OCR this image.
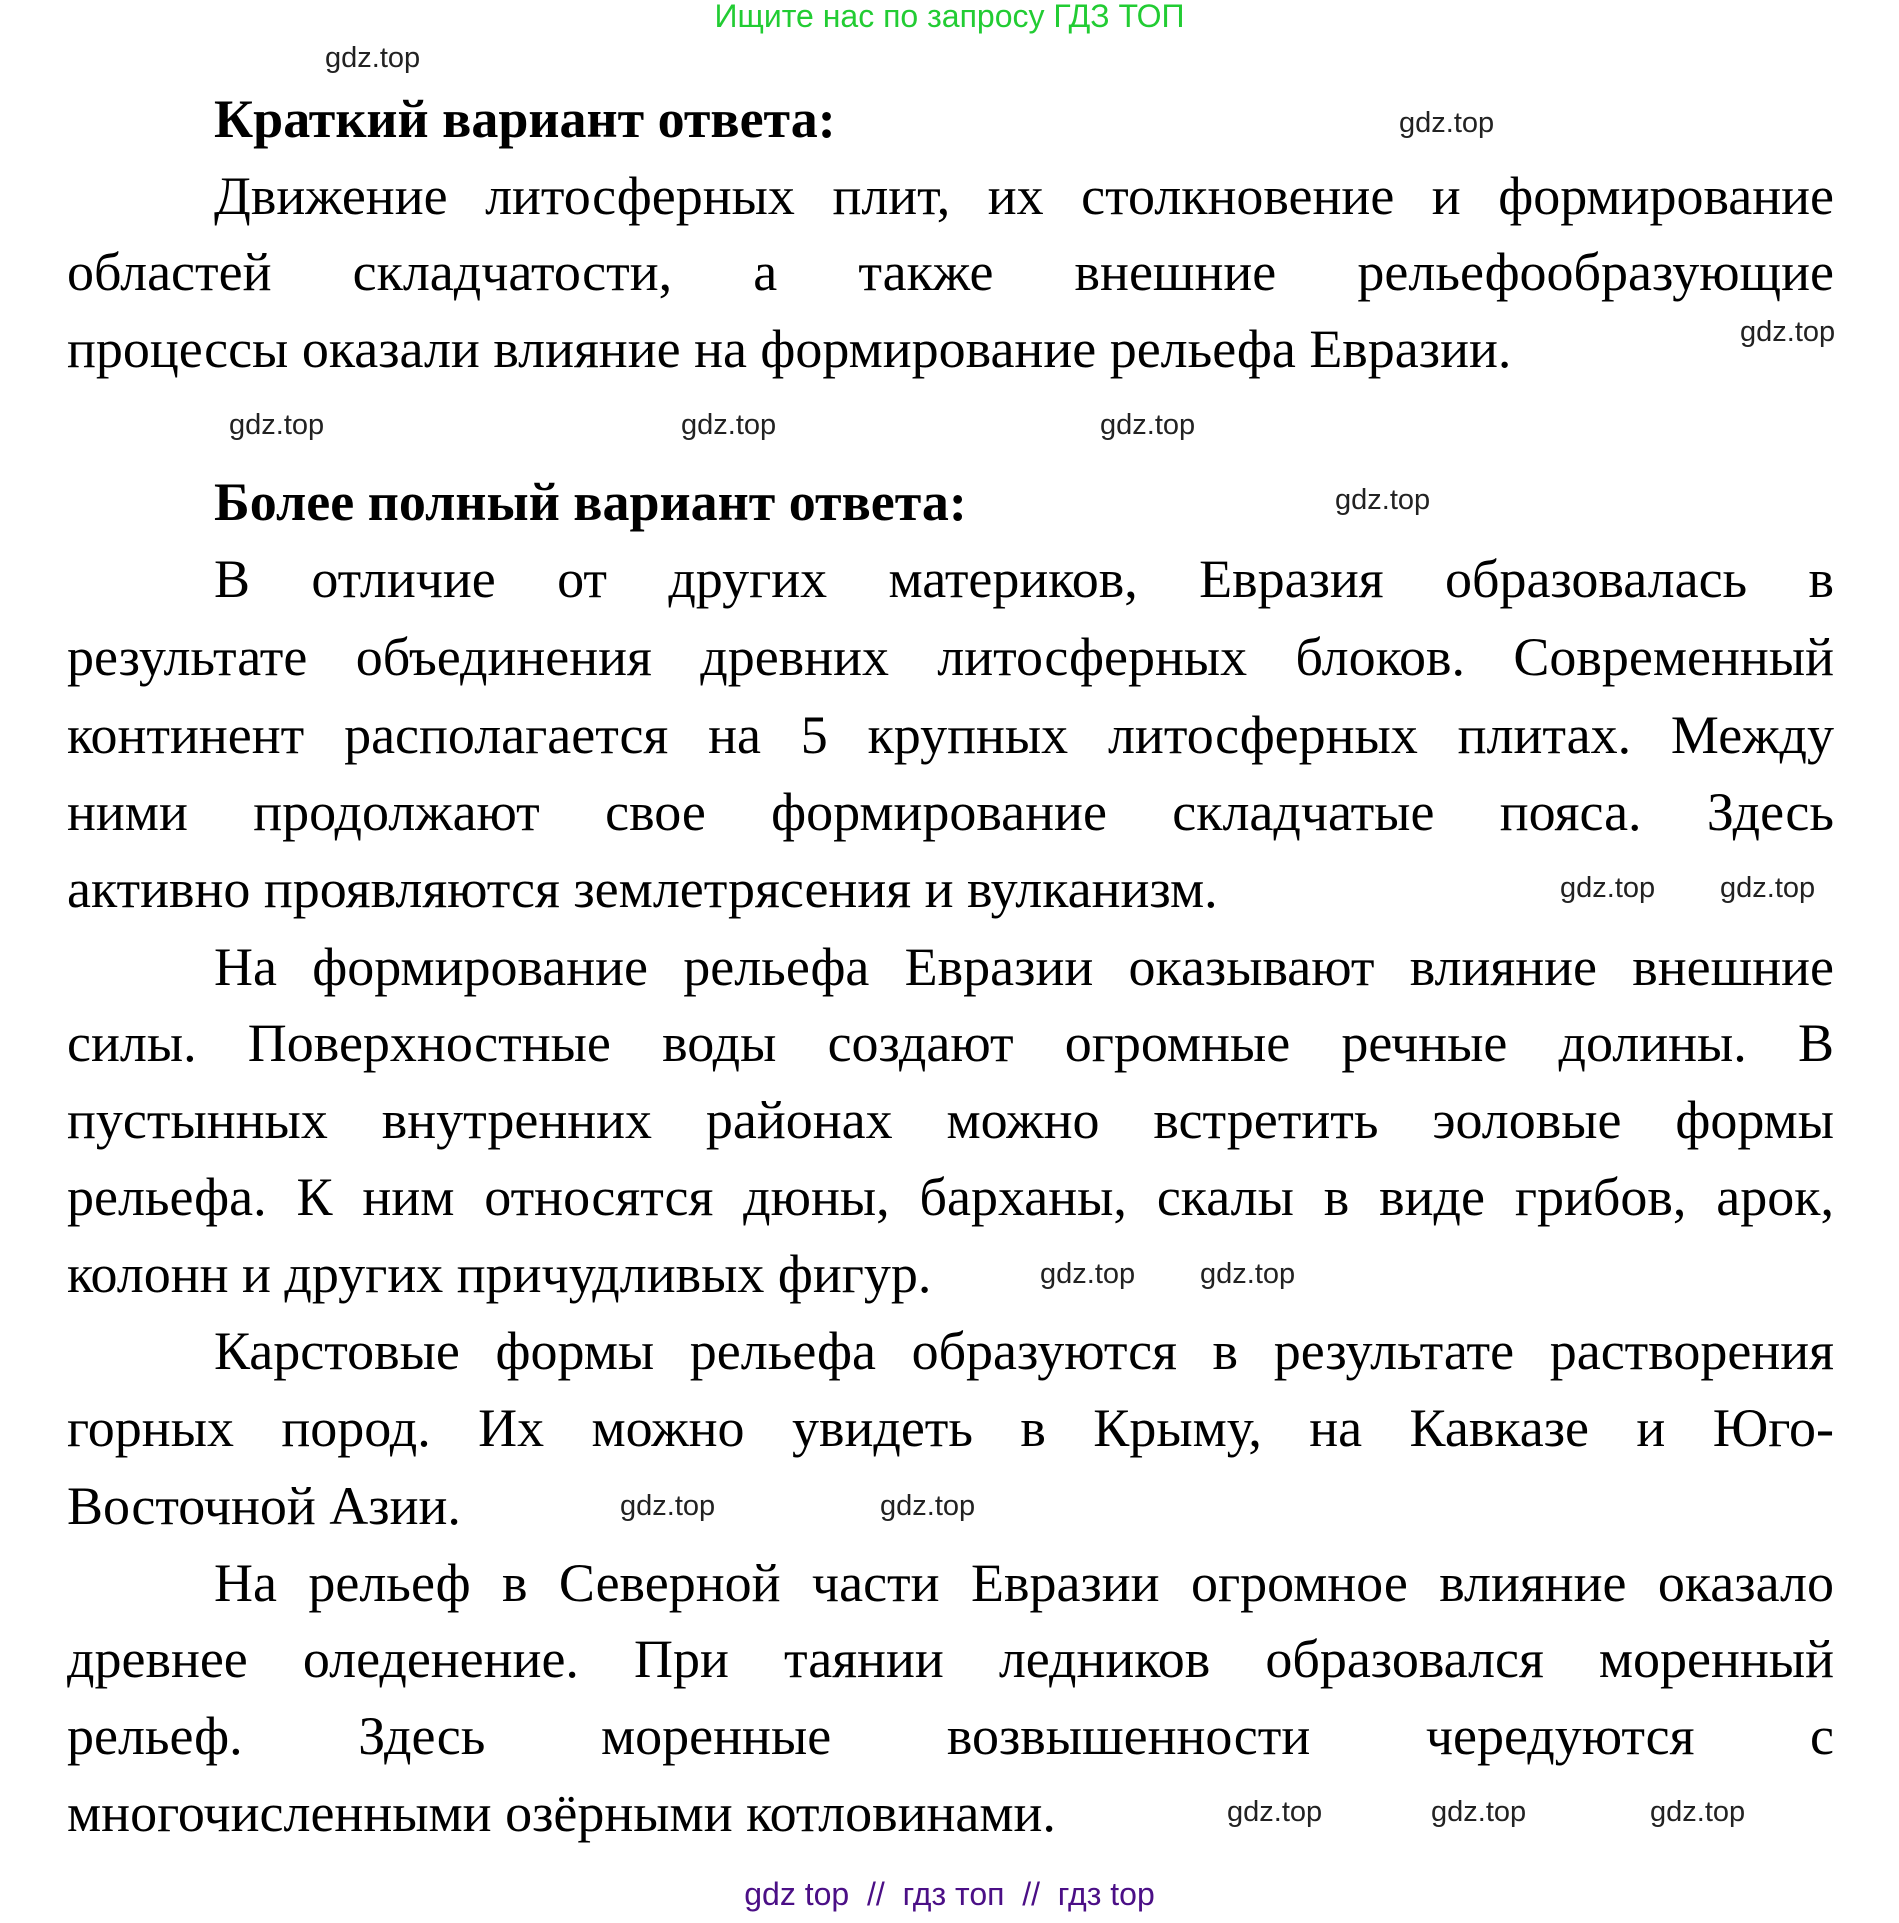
Ищите нас по запросу ГДЗ ТОП
Краткий вариант ответа:
Движение литосферных плит, их столкновение и формирование
областей складчатости, а также внешние рельефообразующие
процессы оказали влияние на формирование рельефа Евразии.
Более полный вариант ответа:
В отличие от других материков, Евразия образовалась в
результате объединения древних литосферных блоков. Современный
континент располагается на 5 крупных литосферных плитах. Между
ними продолжают свое формирование складчатые пояса. Здесь
активно проявляются землетрясения и вулканизм.
На формирование рельефа Евразии оказывают влияние внешние
силы. Поверхностные воды создают огромные речные долины. В
пустынных внутренних районах можно встретить эоловые формы
рельефа. К ним относятся дюны, барханы, скалы в виде грибов, арок,
колонн и других причудливых фигур.
Карстовые формы рельефа образуются в результате растворения
горных пород. Их можно увидеть в Крыму, на Кавказе и Юго-
Восточной Азии.
На рельеф в Северной части Евразии огромное влияние оказало
древнее оледенение. При таянии ледников образовался моренный
рельеф. Здесь моренные возвышенности чередуются с
многочисленными озёрными котловинами.
gdz.top
gdz.top
gdz.top
gdz.top
gdz.top
gdz.top
gdz.top
gdz.top gdz.top
gdz.top
gdz.top
gdz.top	gdz.top
gdz.top	gdz.top
gdz.top
gdz top  //  гдз топ  //  гдз top
